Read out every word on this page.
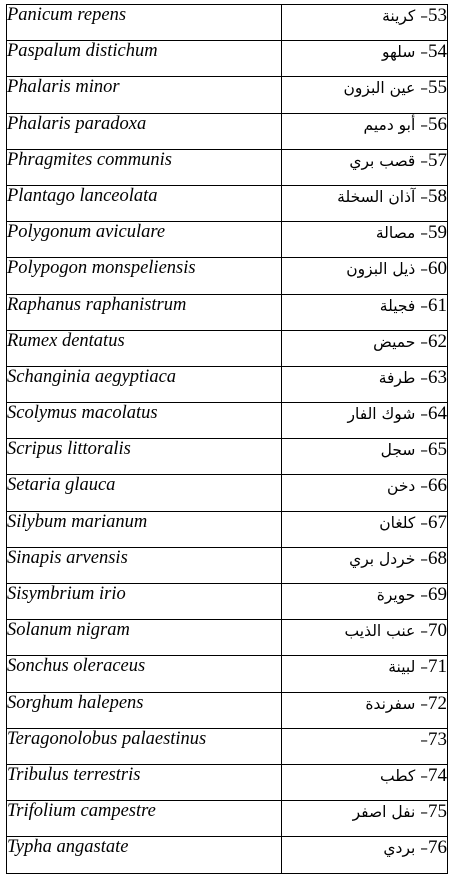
Panicum repens	53– كرينة
Paspalum distichum	54– سلهو
Phalaris minor	55– عين البزون
Phalaris paradoxa	56– أبو دميم
Phragmites communis	57– قصب بري
Plantago lanceolata	58– آذان السخلة
Polygonum aviculare	59– مصالة
Polypogon monspeliensis	60– ذيل البزون
Raphanus raphanistrum	61– فجيلة
Rumex dentatus	62– حميض
Schanginia aegyptiaca	63– طرفة
Scolymus macolatus	64– شوك الفار
Scripus littoralis	65– سجل
Setaria glauca	66– دخن
Silybum marianum	67– كلغان
Sinapis arvensis	68– خردل بري
Sisymbrium irio	69– حويرة
Solanum nigram	70– عنب الذيب
Sonchus oleraceus	71– لبينة
Sorghum halepens	72– سفرندة
Teragonolobus palaestinus	73–
Tribulus terrestris	74– كطب
Trifolium campestre	75– نفل اصفر
Typha angastate	76– بردي
